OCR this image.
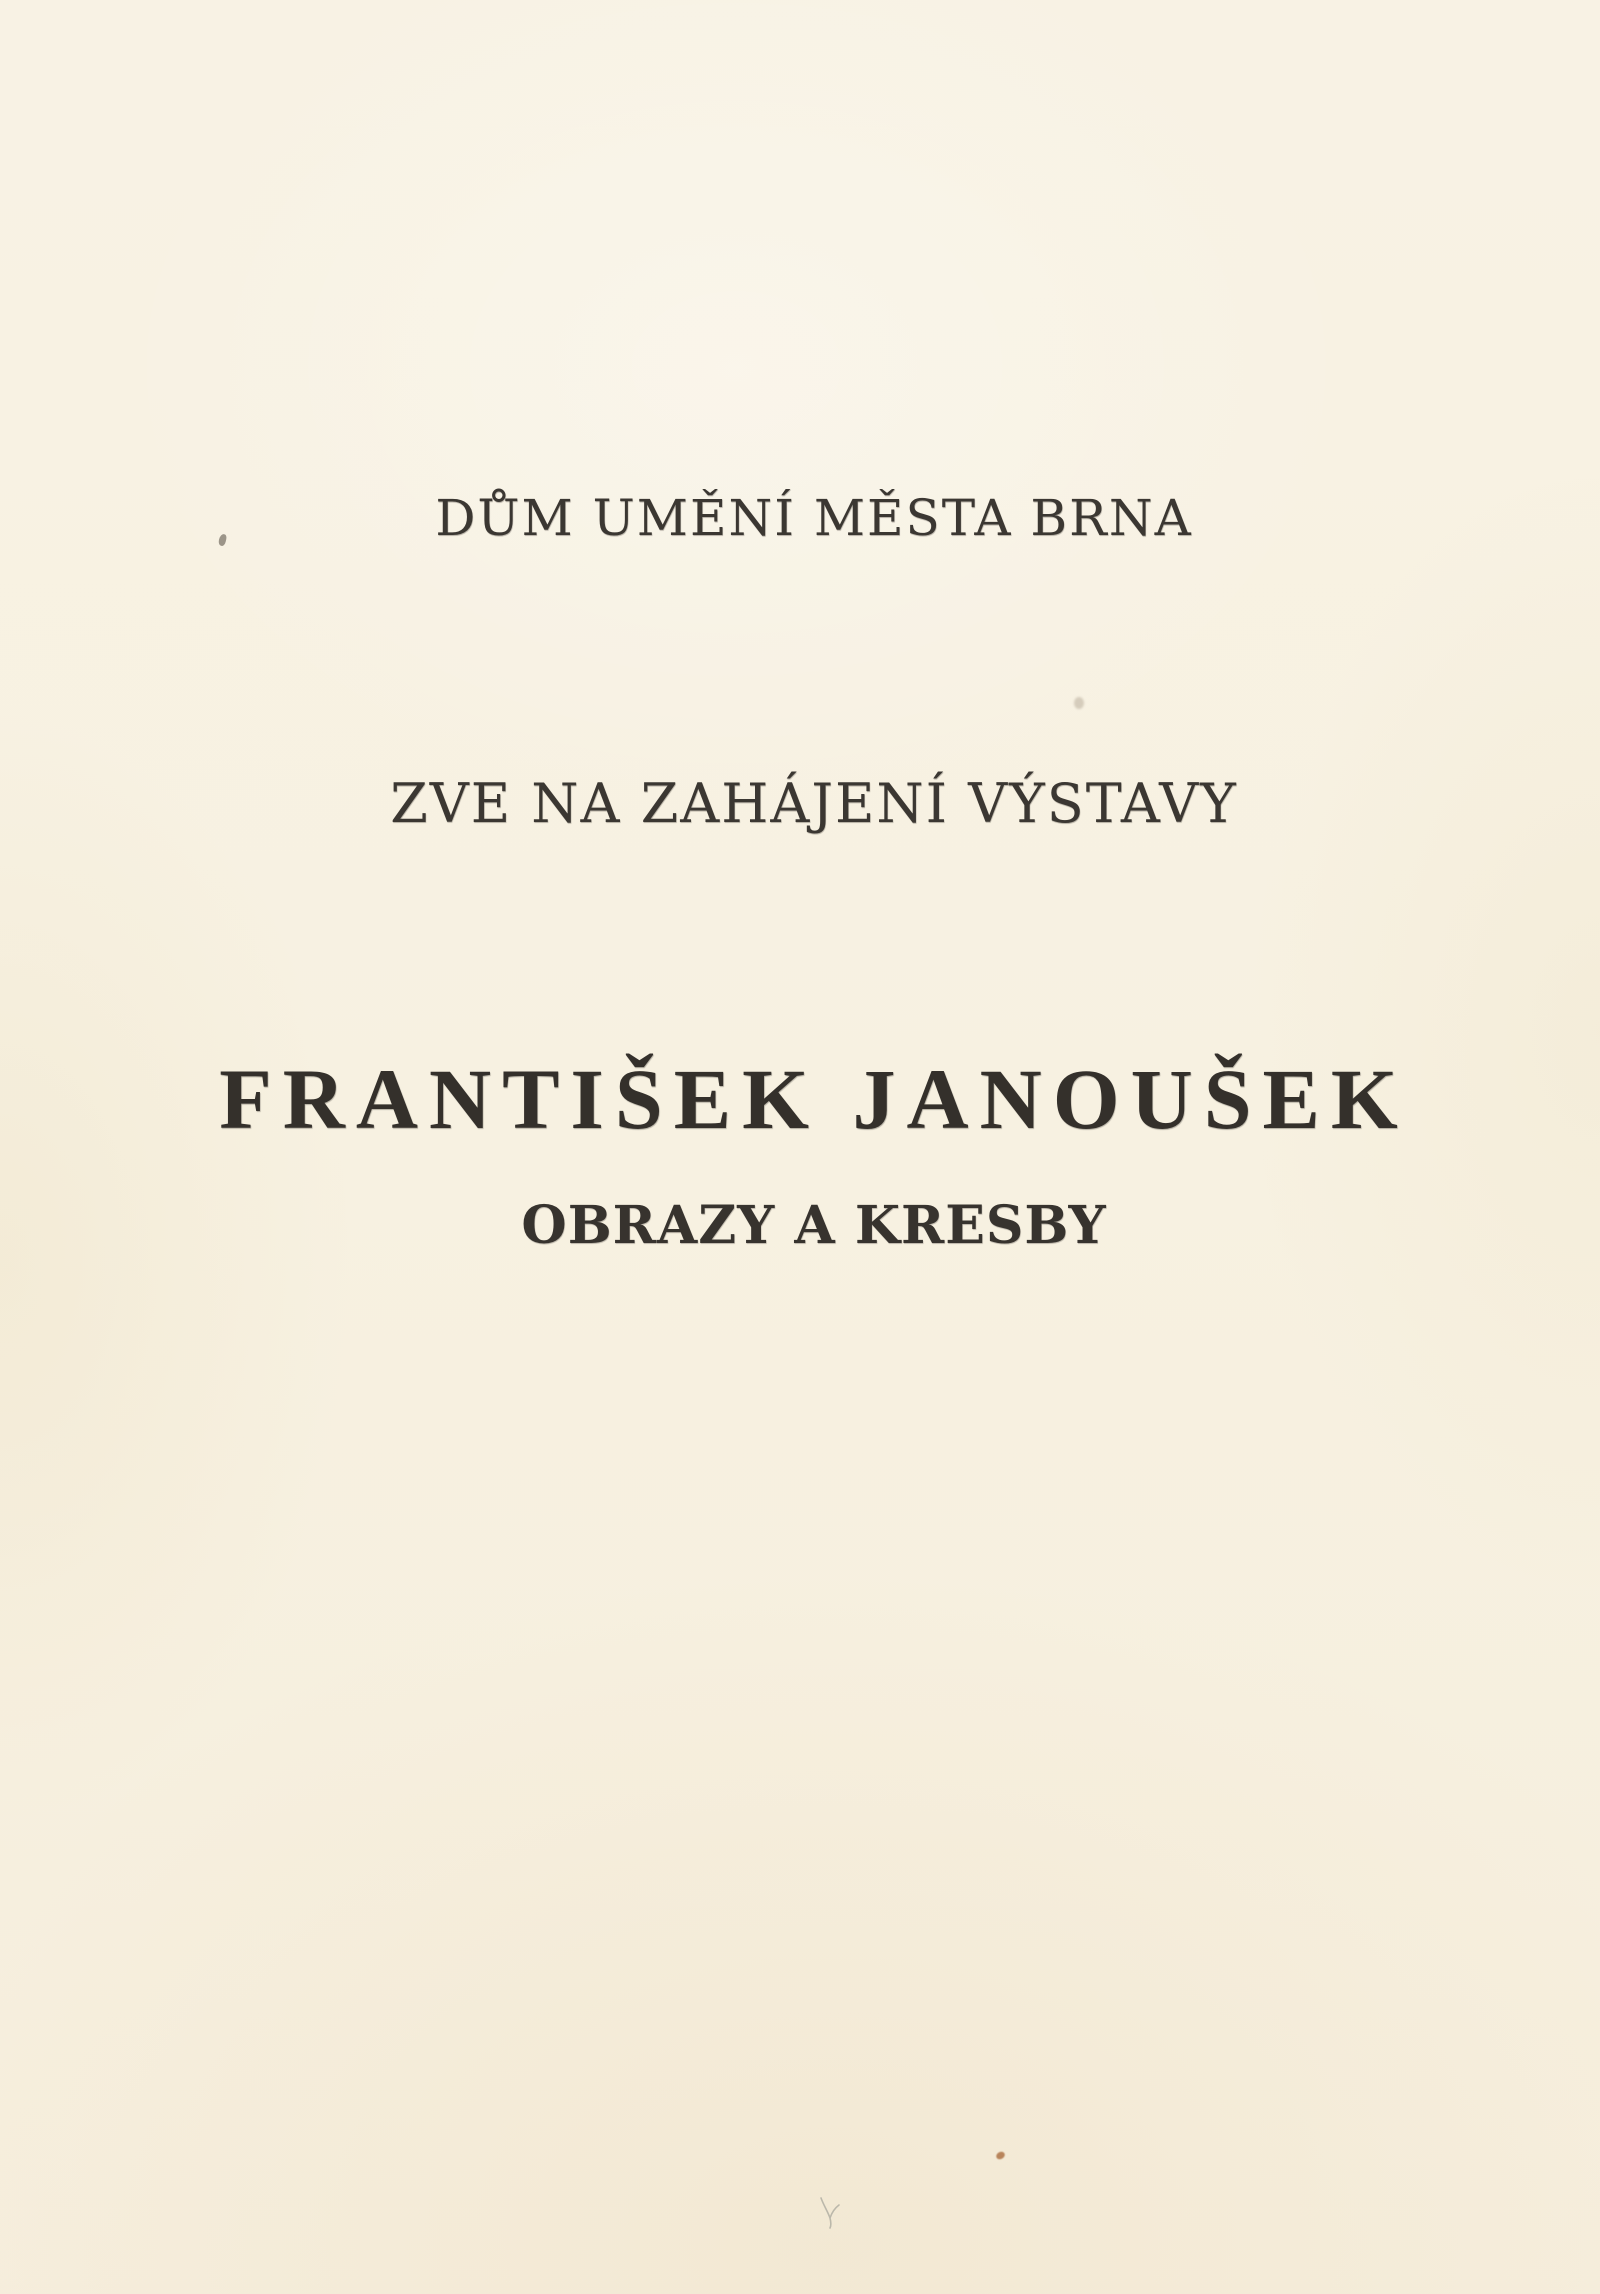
DŮM UMĚNÍ MĚSTA BRNA
ZVE NA ZAHÁJENÍ VÝSTAVY
FRANTIŠEK JANOUŠEK
OBRAZY A KRESBY
